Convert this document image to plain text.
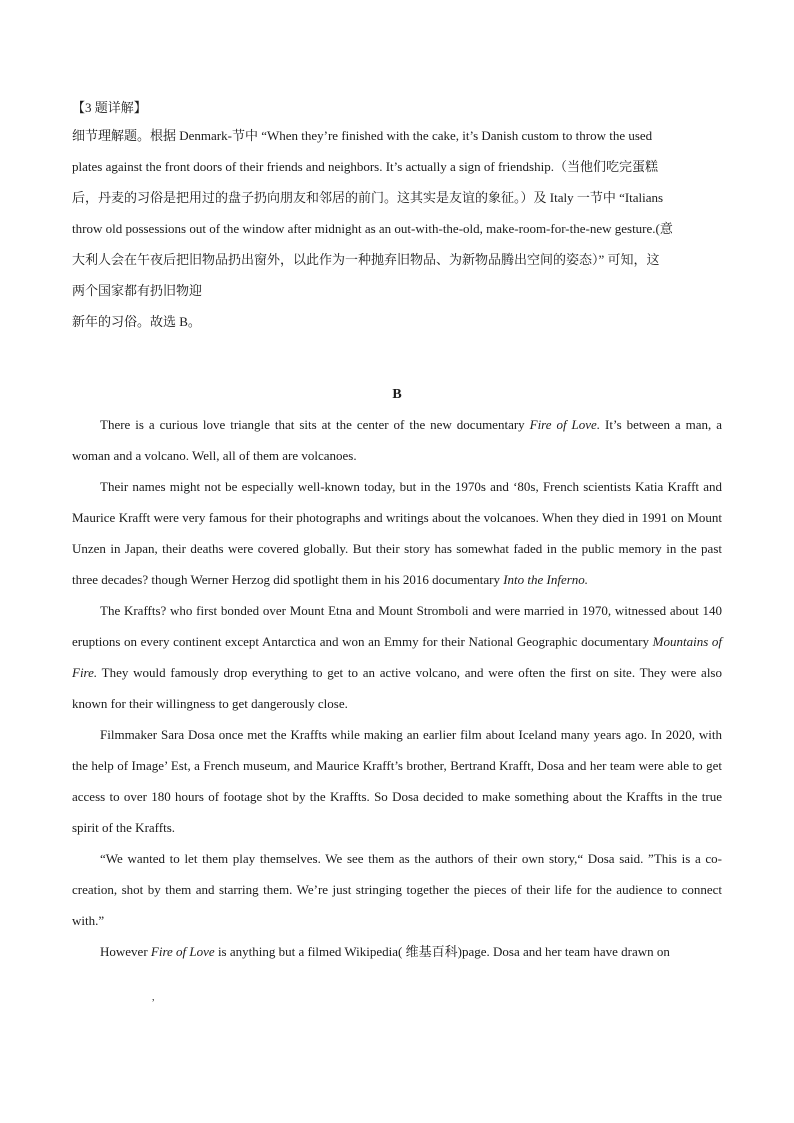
【3 题详解】
细节理解题。根据 Denmark-节中 “When they’re finished with the cake, it’s Danish custom to throw the used
plates against the front doors of their friends and neighbors. It’s actually a sign of friendship.（当他们吃完蛋糕
后，丹麦的习俗是把用过的盘子扔向朋友和邻居的前门。这其实是友谊的象征。）及 Italy 一节中 “Italians
throw old possessions out of the window after midnight as an out-with-the-old, make-room-for-the-new gesture.(意
大利人会在午夜后把旧物品扔出窗外，以此作为一种抛弃旧物品、为新物品腾出空间的姿态）” 可知，这
两个国家都有扔旧物迎
新年的习俗。故选 B。
B
There is a curious love triangle that sits at the center of the new documentary Fire of Love. It’s between a man, a woman and a volcano. Well, all of them are volcanoes.
Their names might not be especially well-known today, but in the 1970s and ‘80s, French scientists Katia Krafft and Maurice Krafft were very famous for their photographs and writings about the volcanoes. When they died in 1991 on Mount Unzen in Japan, their deaths were covered globally. But their story has somewhat faded in the public memory in the past three decades? though Werner Herzog did spotlight them in his 2016 documentary Into the Inferno.
The Kraffts? who first bonded over Mount Etna and Mount Stromboli and were married in 1970, witnessed about 140 eruptions on every continent except Antarctica and won an Emmy for their National Geographic documentary Mountains of Fire. They would famously drop everything to get to an active volcano, and were often the first on site. They were also known for their willingness to get dangerously close.
Filmmaker Sara Dosa once met the Kraffts while making an earlier film about Iceland many years ago. In 2020, with the help of Image’ Est, a French museum, and Maurice Krafft’s brother, Bertrand Krafft, Dosa and her team were able to get access to over 180 hours of footage shot by the Kraffts. So Dosa decided to make something about the Kraffts in the true spirit of the Kraffts.
“We wanted to let them play themselves. We see them as the authors of their own story,“ Dosa said. ”This is a co-creation, shot by them and starring them. We’re just stringing together the pieces of their life for the audience to connect with.”
However Fire of Love is anything but a filmed Wikipedia( 维基百科)page. Dosa and her team have drawn on
,
